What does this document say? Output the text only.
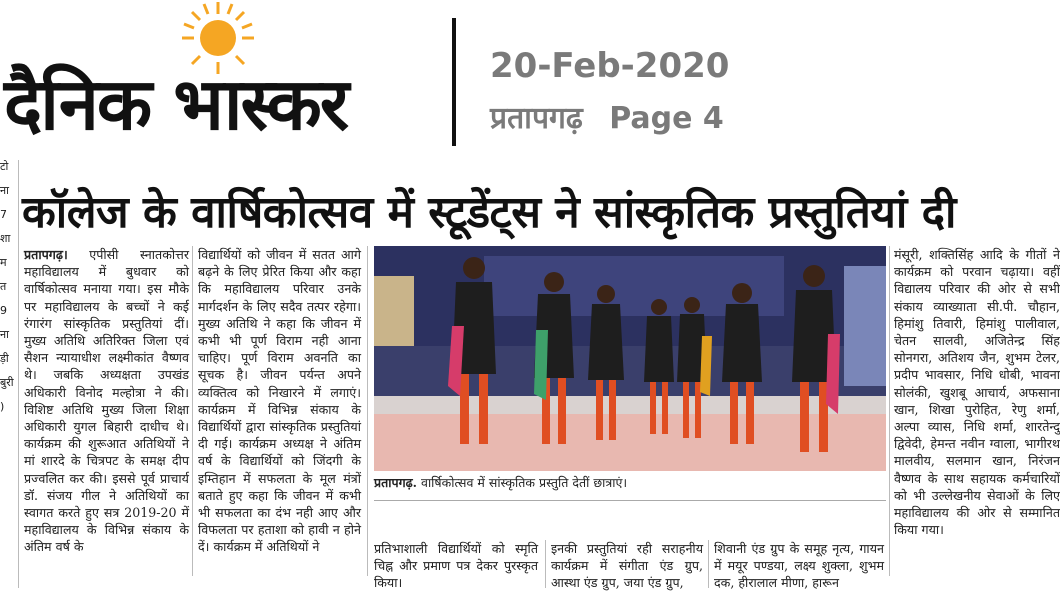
दैनिक भास्कर	20-Feb-2020
प्रतापगढ़ Page 4
टो
ना
7
शा
म
त
9
ना
ड़ी
बुरी
)
कॉलेज के वार्षिकोत्सव में स्टूडेंट्स ने सांस्कृतिक प्रस्तुतियां दी
प्रतापगढ़। एपीसी स्नातकोत्तर महाविद्यालय में बुधवार को वार्षिकोत्सव मनाया गया। इस मौके पर महाविद्यालय के बच्चों ने कई रंगारंग सांस्कृतिक प्रस्तुतियां दीं। मुख्य अतिथि अतिरिक्त जिला एवं सैशन न्यायाधीश लक्ष्मीकांत वैष्णव थे। जबकि अध्यक्षता उपखंड अधिकारी विनोद मल्होत्रा ने की। विशिष्ट अतिथि मुख्य जिला शिक्षा अधिकारी युगल बिहारी दाधीच थे। कार्यक्रम की शुरूआत अतिथियों ने मां शारदे के चित्रपट के समक्ष दीप प्रज्वलित कर की। इससे पूर्व प्राचार्य डॉ. संजय गील ने अतिथियों का स्वागत करते हुए सत्र 2019-20 में महाविद्यालय के विभिन्न संकाय के अंतिम वर्ष के
विद्यार्थियों को जीवन में सतत आगे बढ़ने के लिए प्रेरित किया और कहा कि महाविद्यालय परिवार उनके मार्गदर्शन के लिए सदैव तत्पर रहेगा। मुख्य अतिथि ने कहा कि जीवन में कभी भी पूर्ण विराम नही आना चाहिए। पूर्ण विराम अवनति का सूचक है। जीवन पर्यन्त अपने व्यक्तित्व को निखारने में लगाएं। कार्यक्रम में विभिन्न संकाय के विद्यार्थियों द्वारा सांस्कृतिक प्रस्तुतियां दी गई। कार्यक्रम अध्यक्ष ने अंतिम वर्ष के विद्यार्थियों को जिंदगी के इम्तिहान में सफलता के मूल मंत्रों बताते हुए कहा कि जीवन में कभी भी सफलता का दंभ नही आए और विफलता पर हताशा को हावी न होने दें। कार्यक्रम में अतिथियों ने
प्रतापगढ़. वार्षिकोत्सव में सांस्कृतिक प्रस्तुति देतीं छात्राएं।
प्रतिभाशाली विद्यार्थियों को स्मृति चिह्न और प्रमाण पत्र देकर पुरस्कृत किया।
इनकी प्रस्तुतियां रही सराहनीय कार्यक्रम में संगीता एंड ग्रुप, आस्था एंड ग्रुप, जया एंड ग्रुप,
शिवानी एंड ग्रुप के समूह नृत्य, गायन में मयूर पण्डया, लक्ष्य शुक्ला, शुभम दक, हीरालाल मीणा, हारून
मंसूरी, शक्तिसिंह आदि के गीतों ने कार्यक्रम को परवान चढ़ाया। वहीं विद्यालय परिवार की ओर से सभी संकाय व्याख्याता सी.पी. चौहान, हिमांशु तिवारी, हिमांशु पालीवाल, चेतन सालवी, अजितेन्द्र सिंह सोनगरा, अतिशय जैन, शुभम टेलर, प्रदीप भावसार, निधि धोबी, भावना सोलंकी, खुशबू आचार्य, अफसाना खान, शिखा पुरोहित, रेणु शर्मा, अल्पा व्यास, निधि शर्मा, शारतेन्दु द्विवेदी, हेमन्त नवीन ग्वाला, भागीरथ मालवीय, सलमान खान, निरंजन वैष्णव के साथ सहायक कर्मचारियों को भी उल्लेखनीय सेवाओं के लिए महाविद्यालय की ओर से सम्मानित किया गया।
